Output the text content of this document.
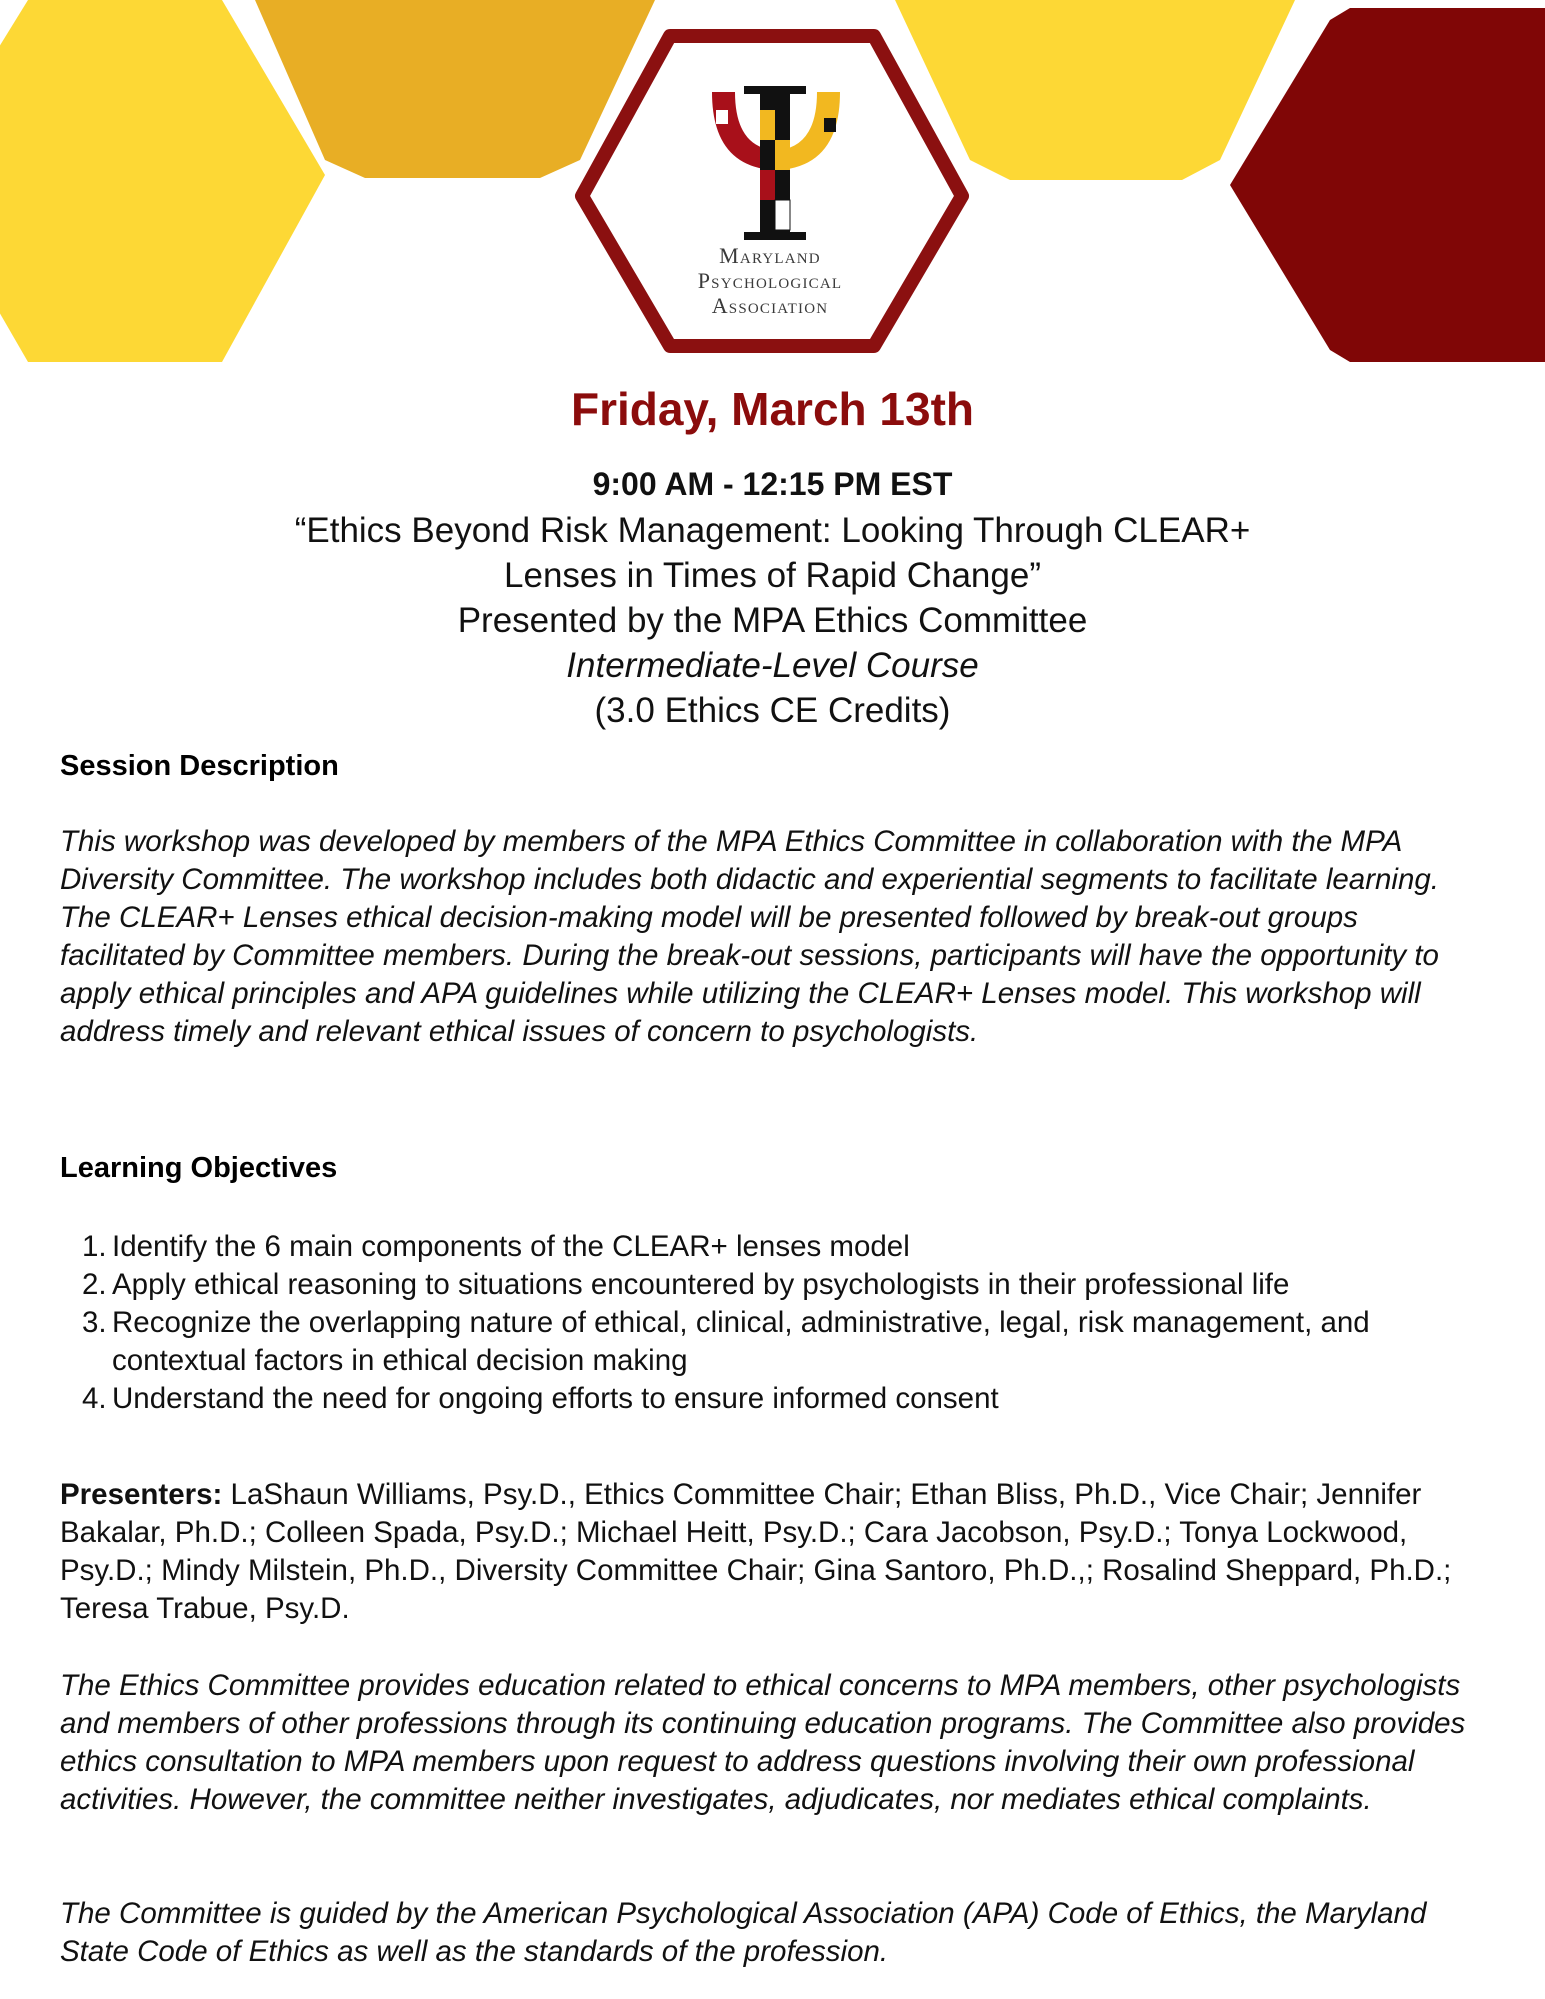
Maryland
Psychological
Association
Friday, March 13th
9:00 AM - 12:15 PM EST
“Ethics Beyond Risk Management: Looking Through CLEAR+
Lenses in Times of Rapid Change”
Presented by the MPA Ethics Committee
Intermediate-Level Course
(3.0 Ethics CE Credits)
Session Description
This workshop was developed by members of the MPA Ethics Committee in collaboration with the MPA Diversity Committee. The workshop includes both didactic and experiential segments to facilitate learning. The CLEAR+ Lenses ethical decision-making model will be presented followed by break-out groups facilitated by Committee members. During the break-out sessions, participants will have the opportunity to apply ethical principles and APA guidelines while utilizing the CLEAR+ Lenses model. This workshop will address timely and relevant ethical issues of concern to psychologists.
Learning Objectives
1. Identify the 6 main components of the CLEAR+ lenses model
2. Apply ethical reasoning to situations encountered by psychologists in their professional life
3. Recognize the overlapping nature of ethical, clinical, administrative, legal, risk management, and contextual factors in ethical decision making
4. Understand the need for ongoing efforts to ensure informed consent
Presenters: LaShaun Williams, Psy.D., Ethics Committee Chair; Ethan Bliss, Ph.D., Vice Chair; Jennifer Bakalar, Ph.D.; Colleen Spada, Psy.D.; Michael Heitt, Psy.D.; Cara Jacobson, Psy.D.; Tonya Lockwood, Psy.D.; Mindy Milstein, Ph.D., Diversity Committee Chair; Gina Santoro, Ph.D.,; Rosalind Sheppard, Ph.D.; Teresa Trabue, Psy.D.
The Ethics Committee provides education related to ethical concerns to MPA members, other psychologists and members of other professions through its continuing education programs. The Committee also provides ethics consultation to MPA members upon request to address questions involving their own professional activities. However, the committee neither investigates, adjudicates, nor mediates ethical complaints.
The Committee is guided by the American Psychological Association (APA) Code of Ethics, the Maryland State Code of Ethics as well as the standards of the profession.
